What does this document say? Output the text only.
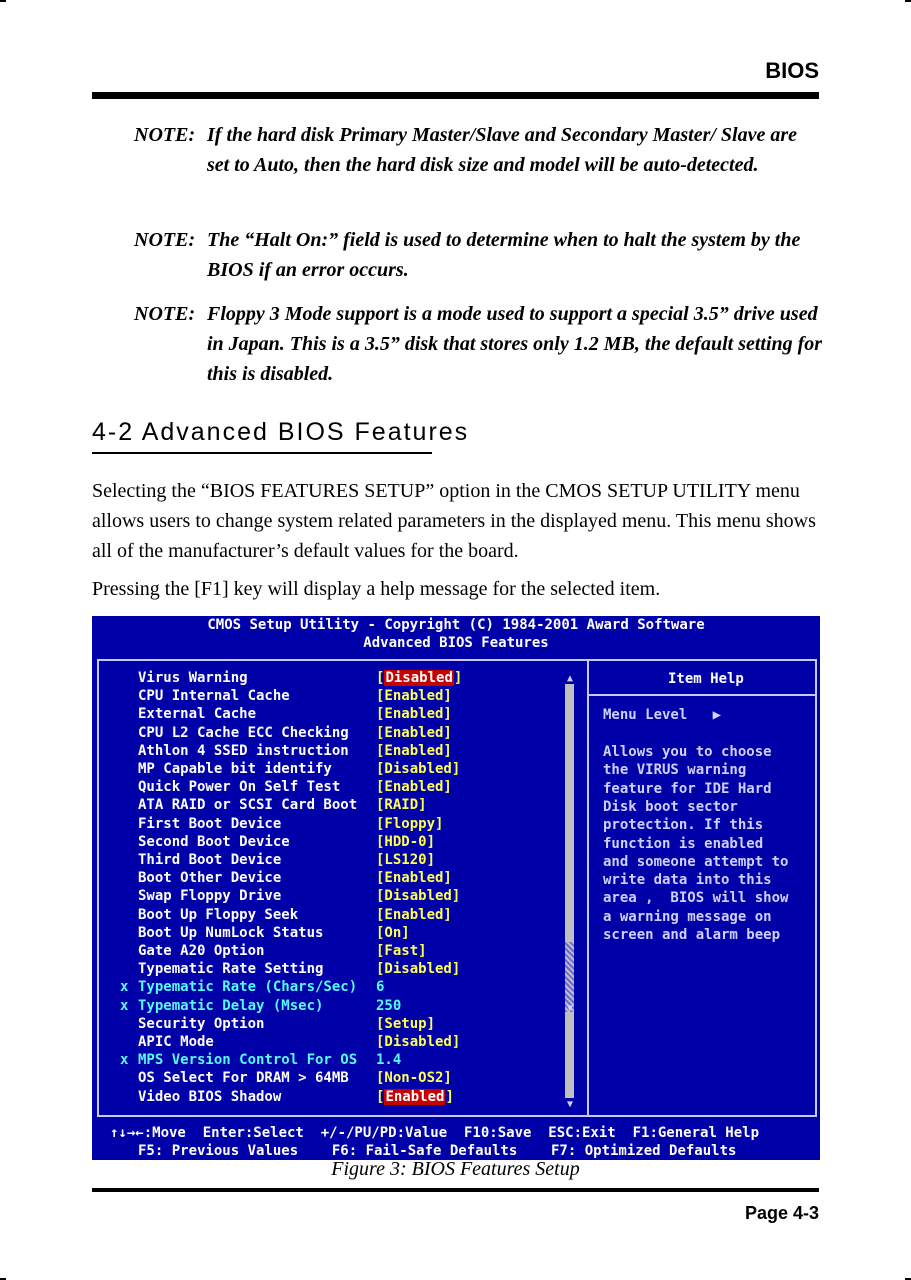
BIOS
NOTE: If the hard disk Primary Master/Slave and Secondary Master/ Slave are set to Auto, then the hard disk size and model will be auto-detected.
NOTE: The “Halt On:” field is used to determine when to halt the system by the BIOS if an error occurs.
NOTE: Floppy 3 Mode support is a mode used to support a special 3.5” drive used in Japan. This is a 3.5” disk that stores only 1.2 MB, the default setting for this is disabled.
4-2 Advanced BIOS Features
Selecting the “BIOS FEATURES SETUP” option in the CMOS SETUP UTILITY menu allows users to change system related parameters in the displayed menu. This menu shows all of the manufacturer’s default values for the board.
Pressing the [F1] key will display a help message for the selected item.
CMOS Setup Utility - Copyright (C) 1984-2001 Award Software
Advanced BIOS Features
Virus Warning	[Disabled]
CPU Internal Cache	[Enabled]
External Cache	[Enabled]
CPU L2 Cache ECC Checking [Enabled]
Athlon 4 SSED instruction [Enabled]
MP Capable bit identify	[Disabled]
Quick Power On Self Test	[Enabled]
ATA RAID or SCSI Card Boot [RAID]
First Boot Device	[Floppy]
Second Boot Device	[HDD-0]
Third Boot Device	[LS120]
Boot Other Device	[Enabled]
Swap Floppy Drive	[Disabled]
Boot Up Floppy Seek	[Enabled]
Boot Up NumLock Status	[On]
Gate A20 Option	[Fast]
Typematic Rate Setting	[Disabled]
x Typematic Rate (Chars/Sec) 6
x Typematic Delay (Msec)	250
Security Option	[Setup]
APIC Mode	[Disabled]
x MPS Version Control For OS 1.4
OS Select For DRAM > 64MB [Non-OS2]
Video BIOS Shadow	[Enabled]
▲
▼
▼
Item Help
Menu Level   ▶
Allows you to choose
the VIRUS warning
feature for IDE Hard
Disk boot sector
protection. If this
function is enabled
and someone attempt to
write data into this
area ,  BIOS will show
a warning message on
screen and alarm beep
↑↓→←:Move  Enter:Select  +/-/PU/PD:Value  F10:Save  ESC:Exit  F1:General Help
F5: Previous Values    F6: Fail-Safe Defaults    F7: Optimized Defaults
Figure 3: BIOS Features Setup
Page 4-3
